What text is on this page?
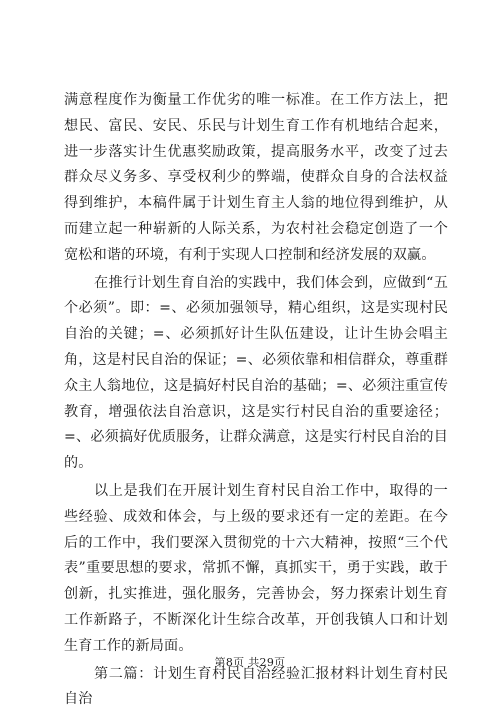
满意程度作为衡量工作优劣的唯一标准。在工作方法上，把想民、富民、安民、乐民与计划生育工作有机地结合起来，进一步落实计生优惠奖励政策，提高服务水平，改变了过去群众尽义务多、享受权利少的弊端，使群众自身的合法权益得到维护，本稿件属于计划生育主人翁的地位得到维护，从而建立起一种崭新的人际关系，为农村社会稳定创造了一个宽松和谐的环境，有利于实现人口控制和经济发展的双赢。

在推行计划生育自治的实践中，我们体会到，应做到“五个必须”。即：=、必须加强领导，精心组织，这是实现村民自治的关键；=、必须抓好计生队伍建设，让计生协会唱主角，这是村民自治的保证；=、必须依靠和相信群众，尊重群众主人翁地位，这是搞好村民自治的基础；=、必须注重宣传教育，增强依法自治意识，这是实行村民自治的重要途径；=、必须搞好优质服务，让群众满意，这是实行村民自治的目的。

以上是我们在开展计划生育村民自治工作中，取得的一些经验、成效和体会，与上级的要求还有一定的差距。在今后的工作中，我们要深入贯彻党的十六大精神，按照“三个代表”重要思想的要求，常抓不懈，真抓实干，勇于实践，敢于创新，扎实推进，强化服务，完善协会，努力探索计划生育工作新路子，不断深化计生综合改革，开创我镇人口和计划生育工作的新局面。

第二篇：计划生育村民自治经验汇报材料计划生育村民自治

第8页 共29页
